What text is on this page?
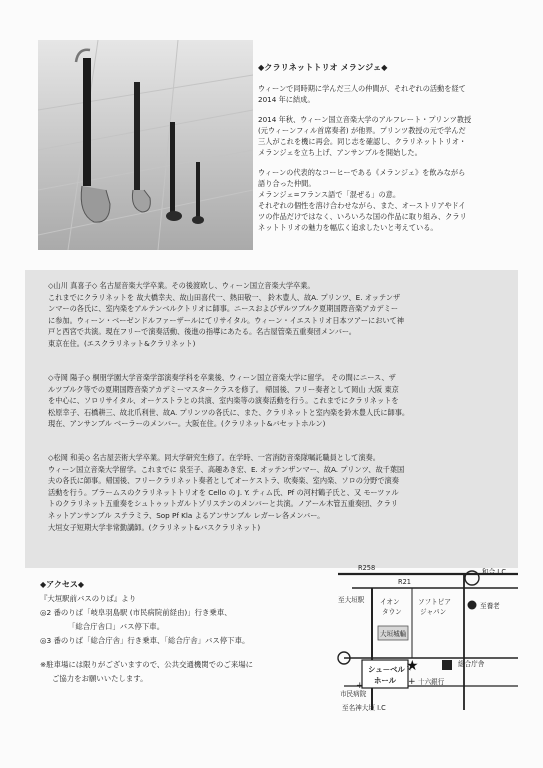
◆クラリネットトリオ メランジェ◆

ウィーンで同時期に学んだ三人の仲間が、それぞれの活動を経て
2014 年に結成。

2014 年秋、ウィーン国立音楽大学のアルフレート・プリンツ教授
(元ウィーンフィル首席奏者) が他界。プリンツ教授の元で学んだ
三人がこれを機に再会。同じ志を確認し、クラリネットトリオ・
メランジェを立ち上げ、アンサンブルを開始した。

ウィーンの代表的なコーヒーである《メランジェ》を飲みながら
語り合った仲間。
メランジェ=フランス語で「混ぜる」の意。
それぞれの個性を溶け合わせながら、また、オーストリアやドイ
ツの作品だけではなく、いろいろな国の作品に取り組み、クラリ
ネットトリオの魅力を幅広く追求したいと考えている。

◇山川 真喜子◇ 名古屋音楽大学卒業。その後渡欧し、ウィーン国立音楽大学卒業。
これまでにクラリネットを 故大橋幸夫、故山田喜代一、熱田敬一、 鈴木豊人、故A. プリンツ、E. オッテンザ
ンマーの各氏に、室内楽をアルテンベルクトリオに師事。ニースおよびザルツブルク夏期国際音楽アカデミー
に参加。ウィーン・ベーゼンドルファーザールにてリサイタル。ウィーン・イエストリオ日本ツアーにおいて神
戸と西宮で共演。現在フリーで演奏活動、後進の指導にあたる。名古屋管楽五重奏団メンバー。
東京在住。(エスクラリネット&クラリネット)
◇寺岡 陽子◇ 桐朋学園大学音楽学部演奏学科を卒業後、ウィーン国立音楽大学に留学。 その間にニース、ザ
ルツブルク等での夏期国際音楽アカデミーマスタークラスを修了。 帰国後、フリー奏者として岡山 大阪 東京
を中心に、ソロリサイタル、オーケストラとの共演、室内楽等の演奏活動を行う。これまでにクラリネットを
松原幸子、石橋耕三、故北爪利世、故A. プリンツの各氏に、また、クラリネットと室内楽を鈴木豊人氏に師事。
現在、アンサンブル ベーラーのメンバー。大阪在住。(クラリネット&バセットホルン)
◇松岡 和美◇ 名古屋芸術大学卒業。同大学研究生修了。在学時、一宮消防音楽隊嘱託職員として演奏。
ウィーン国立音楽大学留学。これまでに 泉至子、高趣あき宏、E. オッテンザンマー、故A. プリンツ、故千葉国
夫の各氏に師事。帰国後、フリークラリネット奏者としてオーケストラ、吹奏楽、室内楽、ソロの分野で演奏
活動を行う。ブラームスのクラリネットトリオを Cello の J. Y. ティム氏、Pf の河村鶴子氏と、又 モーツァル
トのクラリネット五重奏をシュトゥットガルトゾリステンのメンバーと共演。ノアール木管五重奏団、クラリ
ネットアンサンブル ステラミラ、Sop Pf Kla よるアンサンブル レガーレ各メンバー。
大垣女子短期大学非常勤講師。(クラリネット&バスクラリネット)
◆アクセス◆
『大垣駅前バスのりば』より
◎2 番のりば「岐阜羽島駅 (市民病院前経由)」行き乗車、
「総合庁舎口」バス停下車。
◎3 番のりば「総合庁舎」行き乗車、「総合庁舎」バス停下車。
※駐車場には限りがございますので、公共交通機関でのご来場に
ご協力をお願いいたします。
★
+
+
R258
R21
和合 I.C
至大垣駅 イオン
タウン
ソフトピア
ジャパン
至養老
大垣城輪
シュ－ベルト
ホール
総合庁舎
十六銀行
市民病院
至名神大垣 I.C
